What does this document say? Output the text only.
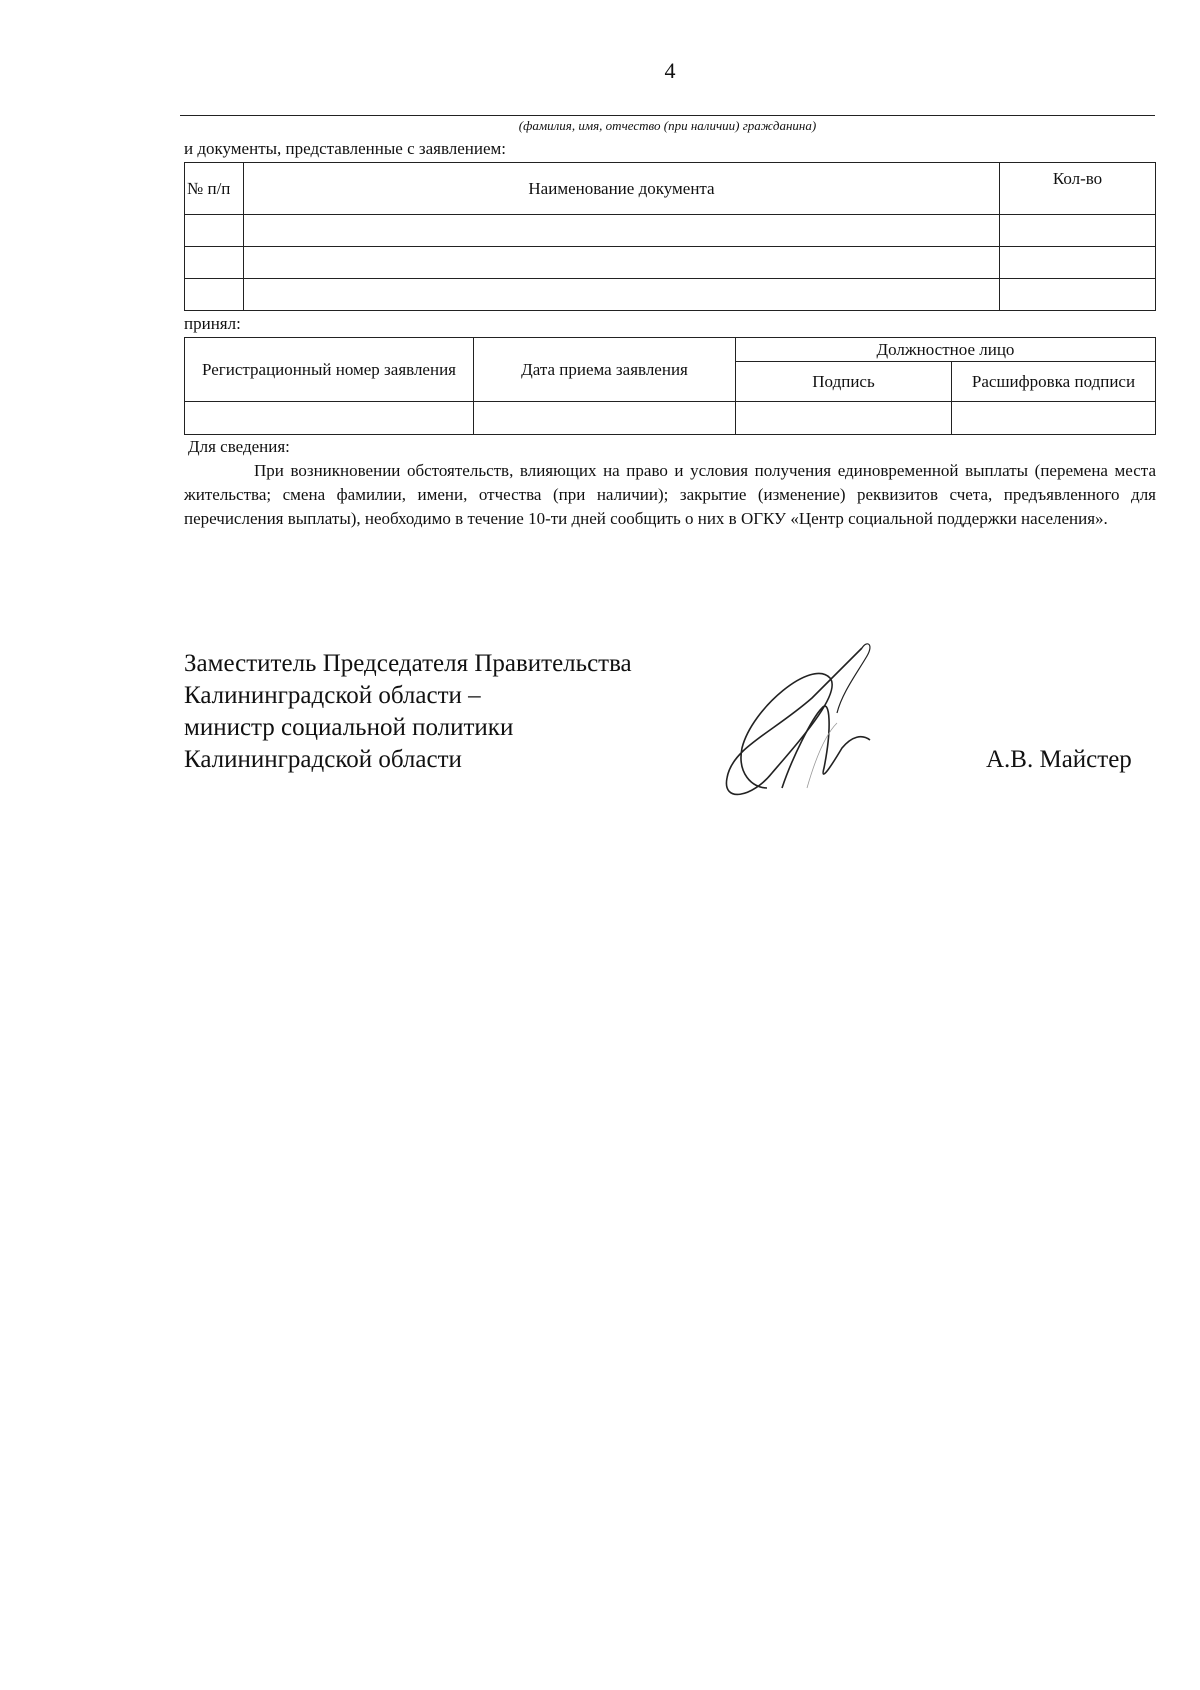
4
(фамилия, имя, отчество (при наличии) гражданина)
и документы, представленные с заявлением:
№ п/п	Наименование документа	Кол-во

принял:
Регистрационный номер заявления	Дата приема заявления	Должностное лицо	
		Подпись	Расшифровка подписи

Для сведения:
При возникновении обстоятельств, влияющих на право и условия получения единовременной выплаты (перемена места жительства; смена фамилии, имени, отчества (при наличии); закрытие (изменение) реквизитов счета, предъявленного для перечисления выплаты), необходимо в течение 10-ти дней сообщить о них в ОГКУ «Центр социальной поддержки населения».
Заместитель Председателя Правительства
Калининградской области –
министр социальной политики
Калининградской области	А.В. Майстер
